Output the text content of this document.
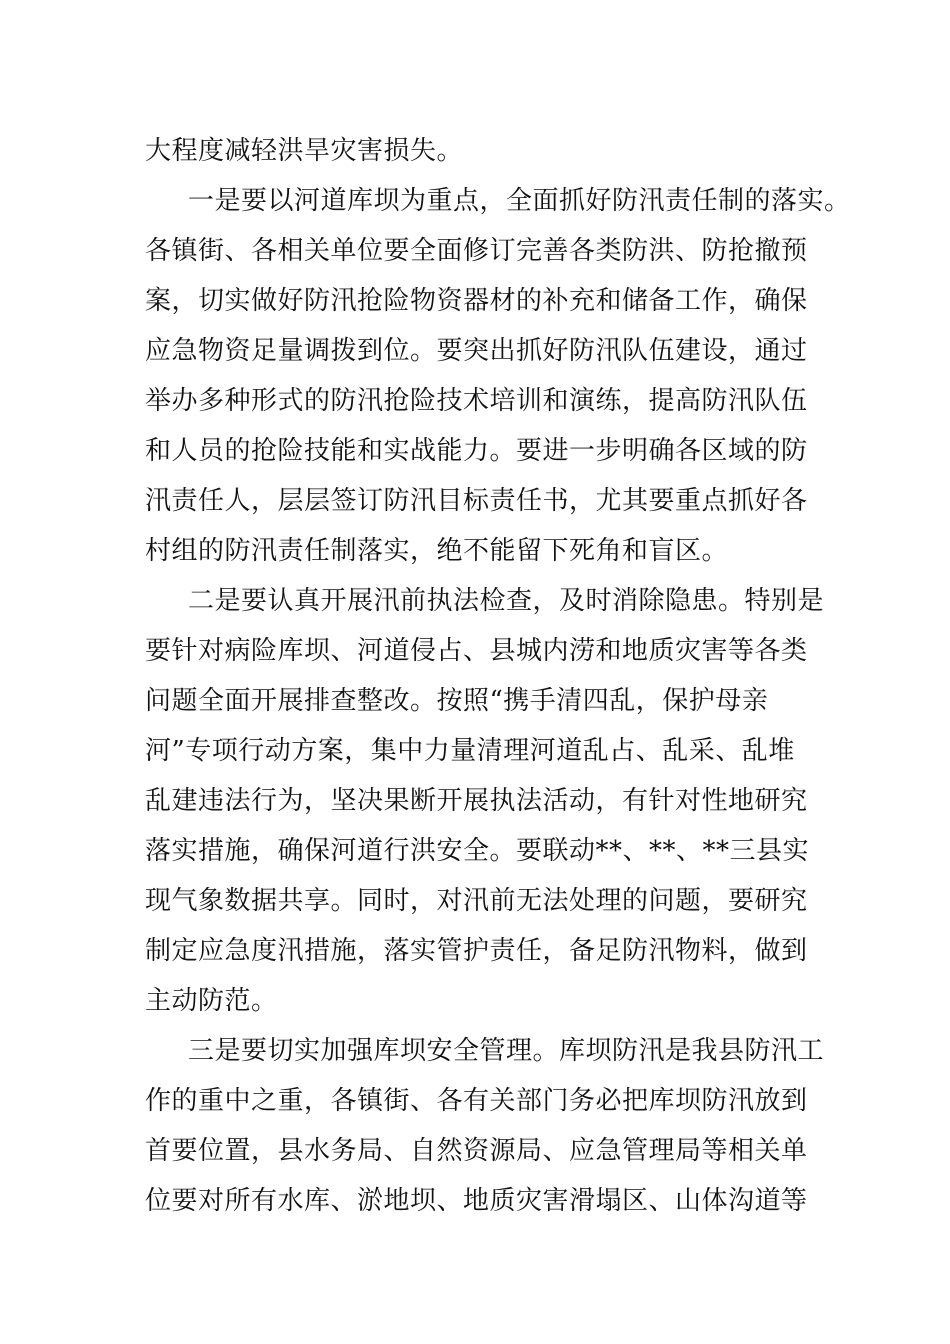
大程度减轻洪旱灾害损失。
一是要以河道库坝为重点，全面抓好防汛责任制的落实。
各镇街、各相关单位要全面修订完善各类防洪、防抢撤预
案，切实做好防汛抢险物资器材的补充和储备工作，确保
应急物资足量调拨到位。要突出抓好防汛队伍建设，通过
举办多种形式的防汛抢险技术培训和演练，提高防汛队伍
和人员的抢险技能和实战能力。要进一步明确各区域的防
汛责任人，层层签订防汛目标责任书，尤其要重点抓好各
村组的防汛责任制落实，绝不能留下死角和盲区。
二是要认真开展汛前执法检查，及时消除隐患。特别是
要针对病险库坝、河道侵占、县城内涝和地质灾害等各类
问题全面开展排查整改。按照“携手清四乱，保护母亲
河”专项行动方案，集中力量清理河道乱占、乱采、乱堆
乱建违法行为，坚决果断开展执法活动，有针对性地研究
落实措施，确保河道行洪安全。要联动**、**、**三县实
现气象数据共享。同时，对汛前无法处理的问题，要研究
制定应急度汛措施，落实管护责任，备足防汛物料，做到
主动防范。
三是要切实加强库坝安全管理。库坝防汛是我县防汛工
作的重中之重，各镇街、各有关部门务必把库坝防汛放到
首要位置，县水务局、自然资源局、应急管理局等相关单
位要对所有水库、淤地坝、地质灾害滑塌区、山体沟道等
